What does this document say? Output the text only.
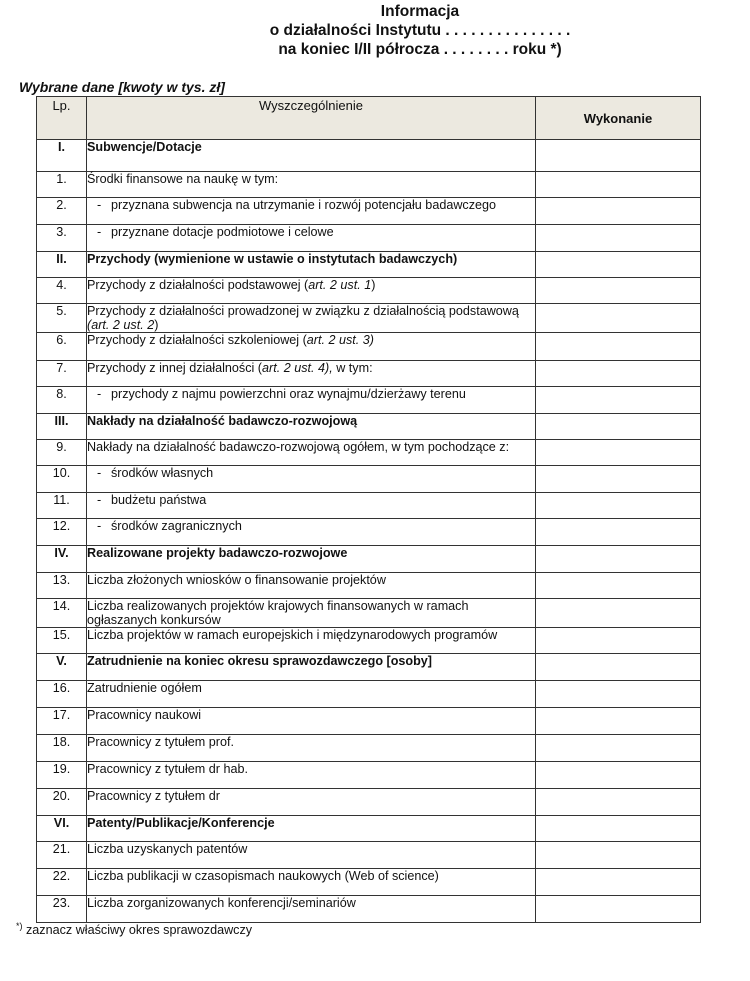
Informacja
o działalności Instytutu . . . . . . . . . . . . . . .
na koniec I/II półrocza . . . . . . . . roku *)
Wybrane dane [kwoty w tys. zł]
Lp.	Wyszczególnienie	Wykonanie
I.	Subwencje/Dotacje	
1.	Środki finansowe na naukę w tym:	
2.	- przyznana subwencja na utrzymanie i rozwój potencjału badawczego	
3.	- przyznane dotacje podmiotowe i celowe	
II.	Przychody (wymienione w ustawie o instytutach badawczych)	
4.	Przychody z działalności podstawowej (art. 2 ust. 1)	
5.	Przychody z działalności prowadzonej w związku z działalnością podstawową (art. 2 ust. 2)	
6.	Przychody z działalności szkoleniowej (art. 2 ust. 3)	
7.	Przychody z innej działalności (art. 2 ust. 4), w tym:	
8.	- przychody z najmu powierzchni oraz wynajmu/dzierżawy terenu	
III.	Nakłady na działalność badawczo-rozwojową	
9.	Nakłady na działalność badawczo-rozwojową ogółem, w tym pochodzące z:	
10.	- środków własnych	
11.	- budżetu państwa	
12.	- środków zagranicznych	
IV.	Realizowane projekty badawczo-rozwojowe	
13.	Liczba złożonych wniosków o finansowanie projektów	
14.	Liczba realizowanych projektów krajowych finansowanych w ramach ogłaszanych konkursów	
15.	Liczba projektów w ramach europejskich i międzynarodowych programów	
V.	Zatrudnienie na koniec okresu sprawozdawczego [osoby]	
16.	Zatrudnienie ogółem	
17.	Pracownicy naukowi	
18.	Pracownicy z tytułem prof.	
19.	Pracownicy z tytułem dr hab.	
20.	Pracownicy z tytułem dr	
VI.	Patenty/Publikacje/Konferencje	
21.	Liczba uzyskanych patentów	
22.	Liczba publikacji w czasopismach naukowych (Web of science)	
23.	Liczba zorganizowanych konferencji/seminariów	
*) zaznacz właściwy okres sprawozdawczy
